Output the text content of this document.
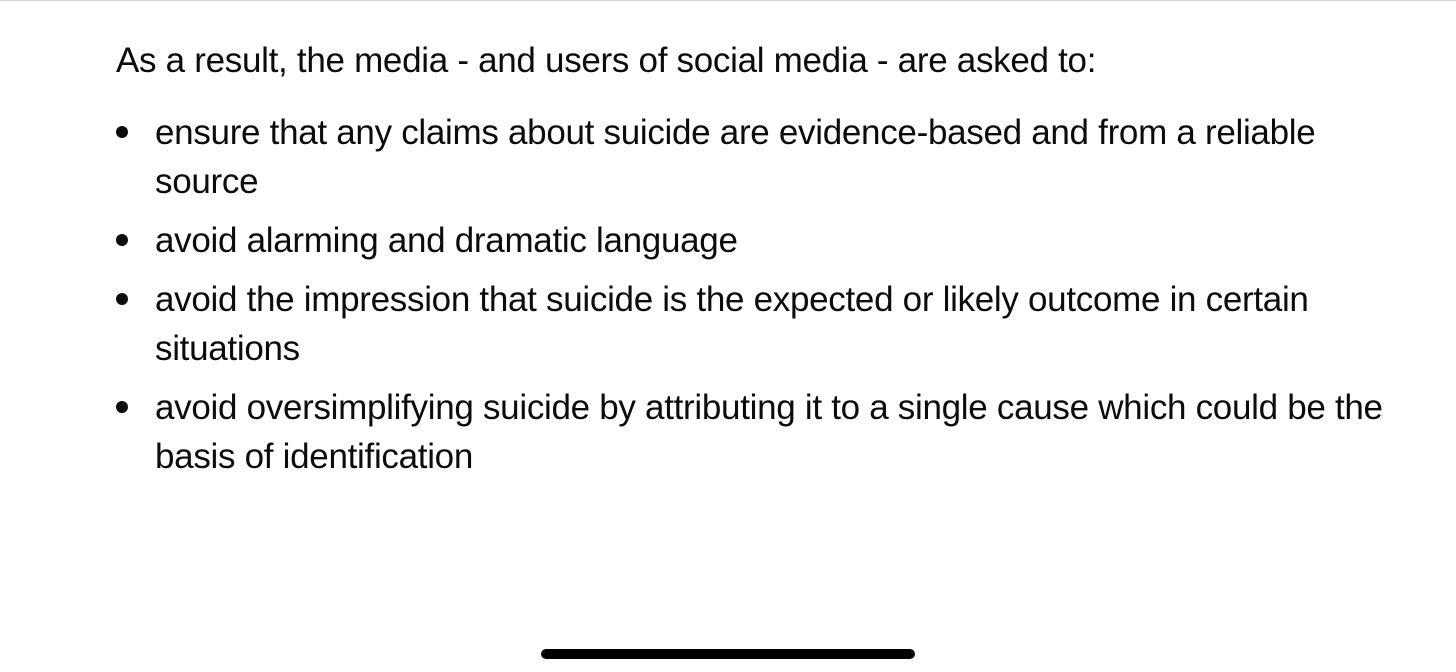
As a result, the media - and users of social media - are asked to:

ensure that any claims about suicide are evidence-based and from a reliable source
avoid alarming and dramatic language
avoid the impression that suicide is the expected or likely outcome in certain situations
avoid oversimplifying suicide by attributing it to a single cause which could be the basis of identification
